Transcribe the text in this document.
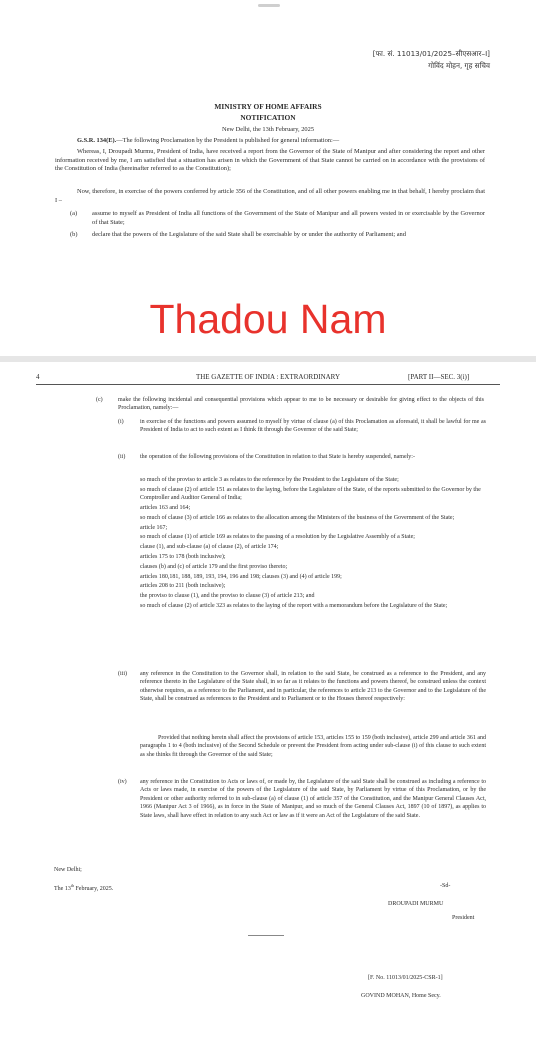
[फा. सं. 11013/01/2025–सीएसआर–I]
गोविंद मोहन, गृह सचिव
MINISTRY OF HOME AFFAIRS
NOTIFICATION
New Delhi, the 13th February, 2025
G.S.R. 134(E).—The following Proclamation by the President is published for general information:—
Whereas, I, Droupadi Murmu, President of India, have received a report from the Governor of the State of Manipur and after considering the report and other information received by me, I am satisfied that a situation has arisen in which the Government of that State cannot be carried on in accordance with the provisions of the Constitution of India (hereinafter referred to as the Constitution);
Now, therefore, in exercise of the powers conferred by article 356 of the Constitution, and of all other powers enabling me in that behalf, I hereby proclaim that I –
(a) assume to myself as President of India all functions of the Government of the State of Manipur and all powers vested in or exercisable by the Governor of that State;
(b) declare that the powers of the Legislature of the said State shall be exercisable by or under the authority of Parliament; and
Thadou Nam
4	THE GAZETTE OF INDIA : EXTRAORDINARY	[PART II—SEC. 3(i)]
(c)	make the following incidental and consequential provisions which appear to me to be necessary or desirable for giving effect to the objects of this Proclamation, namely:—
(i)	in exercise of the functions and powers assumed to myself by virtue of clause (a) of this Proclamation as aforesaid, it shall be lawful for me as President of India to act to such extent as I think fit through the Governor of the said State;
(ii) the operation of the following provisions of the Constitution in relation to that State is hereby suspended, namely:-
so much of the proviso to article 3 as relates to the reference by the President to the Legislature of the State;
so much of clause (2) of article 151 as relates to the laying, before the Legislature of the State, of the reports submitted to the Governor by the Comptroller and Auditor General of India;
articles 163 and 164;
so much of clause (3) of article 166 as relates to the allocation among the Ministers of the business of the Government of the State;
article 167;
so much of clause (1) of article 169 as relates to the passing of a resolution by the Legislative Assembly of a State;
clause (1), and sub-clause (a) of clause (2), of article 174;
articles 175 to 178 (both inclusive);
clauses (b) and (c) of article 179 and the first proviso thereto;
articles 180,181, 188, 189, 193, 194, 196 and 198; clauses (3) and (4) of article 199;
articles 208 to 211 (both inclusive);
the proviso to clause (1), and the proviso to clause (3) of article 213; and
so much of clause (2) of article 323 as relates to the laying of the report with a memorandum before the Legislature of the State;
(iii) any reference in the Constitution to the Governor shall, in relation to the said State, be construed as a reference to the President, and any reference thereto in the Legislature of the State shall, in so far as it relates to the functions and powers thereof, be construed unless the context otherwise requires, as a reference to the Parliament, and in particular, the references to article 213 to the Governor and to the Legislature of the State, shall be construed as references to the President and to Parliament or to the Houses thereof respectively:
Provided that nothing herein shall affect the provisions of article 153, articles 155 to 159 (both inclusive), article 299 and article 361 and paragraphs 1 to 4 (both inclusive) of the Second Schedule or prevent the President from acting under sub-clause (i) of this clause to such extent as she thinks fit through the Governor of the said State;
(iv) any reference in the Constitution to Acts or laws of, or made by, the Legislature of the said State shall be construed as including a reference to Acts or laws made, in exercise of the powers of the Legislature of the said State, by Parliament by virtue of this Proclamation, or by the President or other authority referred to in sub-clause (a) of clause (1) of article 357 of the Constitution, and the Manipur General Clauses Act, 1966 (Manipur Act 3 of 1966), as in force in the State of Manipur, and so much of the General Clauses Act, 1897 (10 of 1897), as applies to State laws, shall have effect in relation to any such Act or law as if it were an Act of the Legislature of the said State.
New Delhi;
The 13th February, 2025.	-Sd-
DROUPADI MURMU
President
[F. No. 11013/01/2025-CSR-1]
GOVIND MOHAN, Home Secy.
